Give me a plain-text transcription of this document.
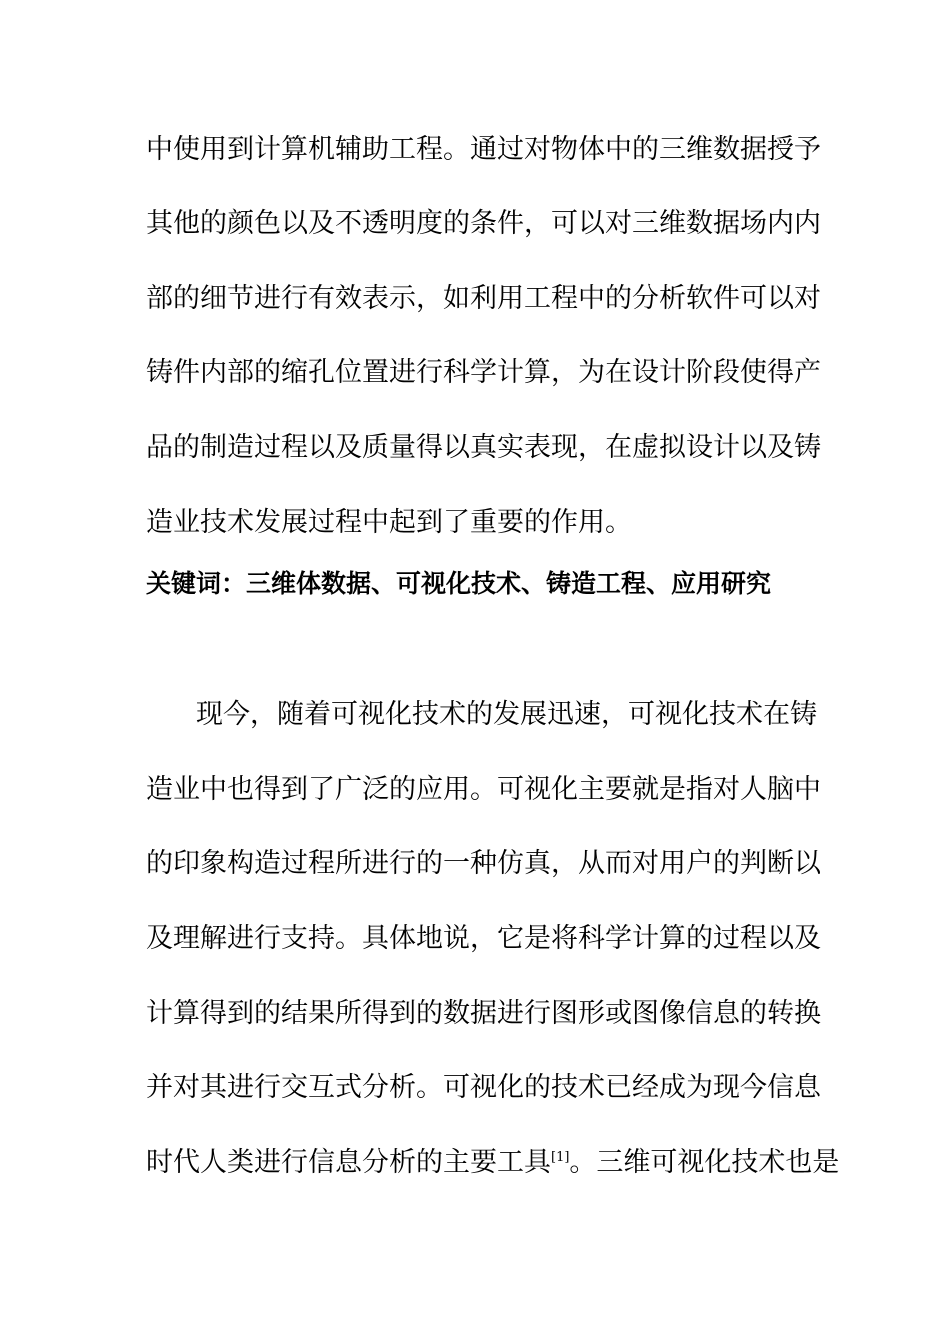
中使用到计算机辅助工程。通过对物体中的三维数据授予
其他的颜色以及不透明度的条件，可以对三维数据场内内
部的细节进行有效表示，如利用工程中的分析软件可以对
铸件内部的缩孔位置进行科学计算，为在设计阶段使得产
品的制造过程以及质量得以真实表现，在虚拟设计以及铸
造业技术发展过程中起到了重要的作用。
关键词：三维体数据、可视化技术、铸造工程、应用研究
现今，随着可视化技术的发展迅速，可视化技术在铸
造业中也得到了广泛的应用。可视化主要就是指对人脑中
的印象构造过程所进行的一种仿真，从而对用户的判断以
及理解进行支持。具体地说，它是将科学计算的过程以及
计算得到的结果所得到的数据进行图形或图像信息的转换
并对其进行交互式分析。可视化的技术已经成为现今信息
时代人类进行信息分析的主要工具[1]。三维可视化技术也是
